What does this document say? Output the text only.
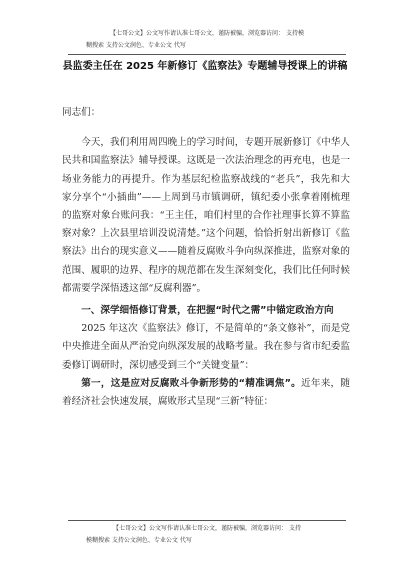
【七哥公文】公文写作请认准七哥公文，谨防被骗，浏览器访问： 支持模
糊搜索 支持公文润色、专业公文 代写
县监委主任在 2025 年新修订《监察法》专题辅导授课上的讲稿

同志们：

今天，我们利用周四晚上的学习时间，专题开展新修订《中华人民共和国监察法》辅导授课。这既是一次法治理念的再充电，也是一场业务能力的再提升。作为基层纪检监察战线的“老兵”，我先和大家分享个“小插曲”——上周到马市镇调研，镇纪委小张拿着刚梳理的监察对象台账问我：“王主任，咱们村里的合作社理事长算不算监察对象？上次县里培训没说清楚。”这个问题，恰恰折射出新修订《监察法》出台的现实意义——随着反腐败斗争向纵深推进，监察对象的范围、履职的边界、程序的规范都在发生深刻变化，我们比任何时候都需要学深悟透这部“反腐利器”。

一、深学细悟修订背景，在把握“时代之需”中锚定政治方向

2025 年这次《监察法》修订，不是简单的“条文修补”，而是党中央推进全面从严治党向纵深发展的战略考量。我在参与省市纪委监委修订调研时，深切感受到三个“关键变量”：

第一，这是应对反腐败斗争新形势的“精准调焦”。近年来，随着经济社会快速发展，腐败形式呈现“三新”特征：

【七哥公文】公文写作请认准七哥公文，谨防被骗，浏览器访问： 支持
模糊搜索 支持公文润色、专业公文 代写
